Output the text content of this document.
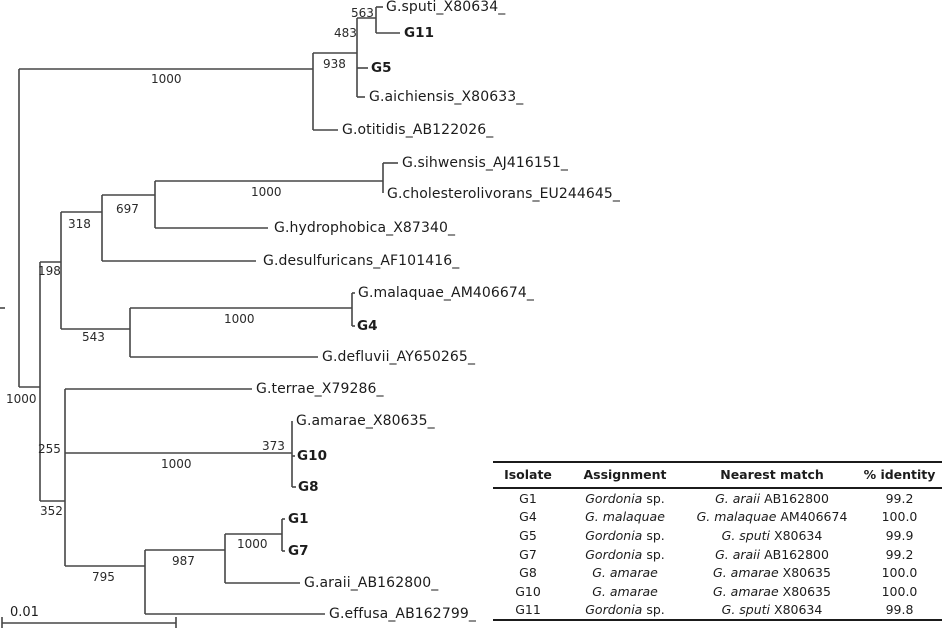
G.sputi_X80634_
G11
G5
G.aichiensis_X80633_
G.otitidis_AB122026_
G.sihwensis_AJ416151_
G.cholesterolivorans_EU244645_
G.hydrophobica_X87340_
G.desulfuricans_AF101416_
G.malaquae_AM406674_
G4
G.defluvii_AY650265_
G.terrae_X79286_
G.amarae_X80635_
G10
G8
G1
G7
G.araii_AB162800_
G.effusa_AB162799_
563
483
938
1000
1000
697
318
198
1000
543
1000
255	373
1000
352
1000
987
795
0.01
Isolate	Assignment	Nearest match	% identity
G1	Gordonia sp.	G. araii AB162800	99.2
G4	G. malaquae	G. malaquae AM406674	100.0
G5	Gordonia sp.	G. sputi X80634	99.9
G7	Gordonia sp.	G. araii AB162800	99.2
G8	G. amarae	G. amarae X80635	100.0
G10	G. amarae	G. amarae X80635	100.0
G11	Gordonia sp.	G. sputi X80634	99.8
